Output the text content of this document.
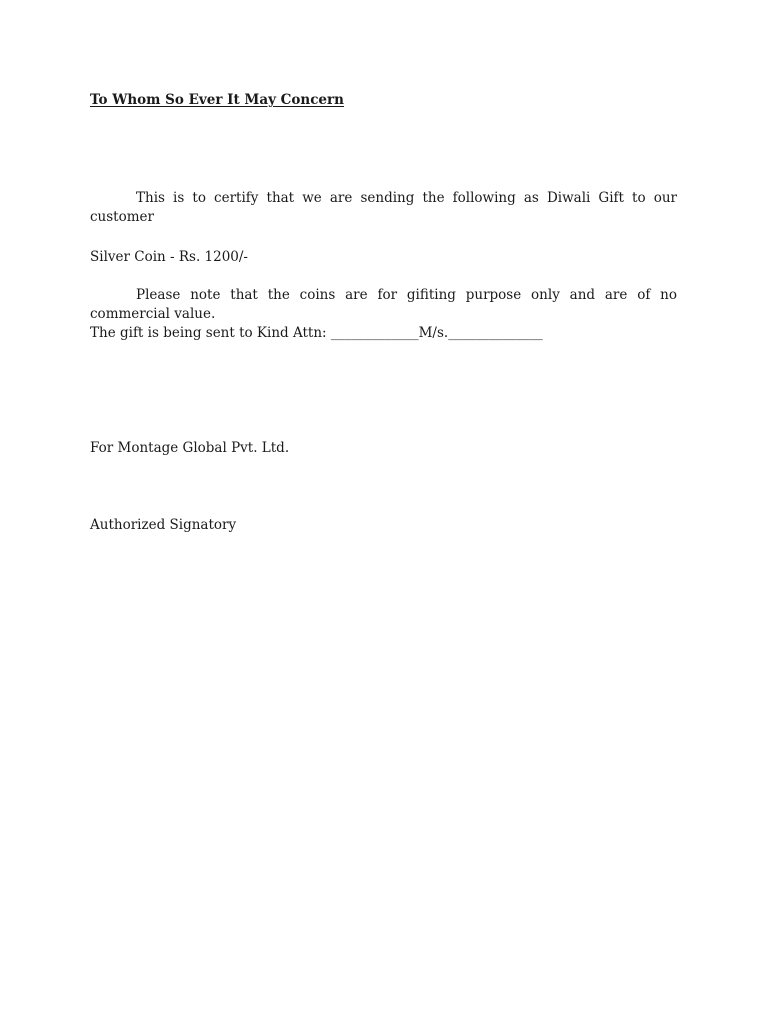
To Whom So Ever It May Concern
This is to certify that we are sending the following as Diwali Gift to our customer
Silver Coin - Rs. 1200/-
Please note that the coins are for gifiting purpose only and are of no commercial value.
The gift is being sent to Kind Attn: _____________M/s.______________
For Montage Global Pvt. Ltd.
Authorized Signatory
